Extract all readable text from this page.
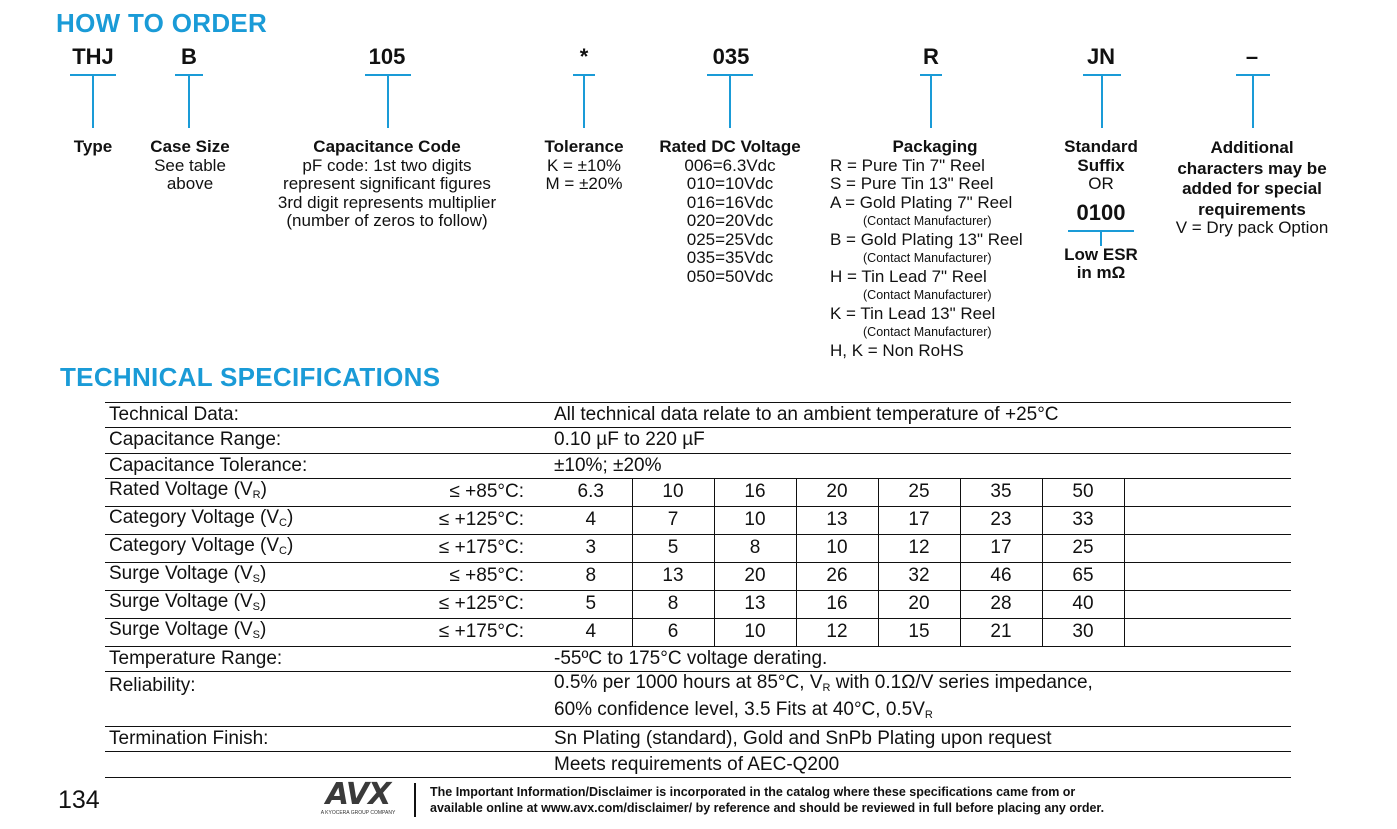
HOW TO ORDER
THJ	B	105	*	035	R	JN	–
Type	Case Size
See table
above
Capacitance Code
pF code: 1st two digits
represent significant figures
3rd digit represents multiplier
(number of zeros to follow)
Tolerance
K = ±10%
M = ±20%
Rated DC Voltage
006=6.3Vdc
010=10Vdc
016=16Vdc
020=20Vdc
025=25Vdc
035=35Vdc
050=50Vdc
Packaging
R = Pure Tin 7" Reel
S = Pure Tin 13" Reel
A = Gold Plating 7" Reel
(Contact Manufacturer)
B = Gold Plating 13" Reel
(Contact Manufacturer)
H = Tin Lead 7" Reel
(Contact Manufacturer)
K = Tin Lead 13" Reel
(Contact Manufacturer)
H, K = Non RoHS
Standard
Suffix
OR
0100
Low ESR
in mΩ
Additional
characters may be
added for special
requirements
V = Dry pack Option
TECHNICAL SPECIFICATIONS
Technical Data:		All technical data relate to an ambient temperature of +25°C							
Capacitance Range:		0.10 µF to 220 µF							
Capacitance Tolerance:		±10%; ±20%							
Rated Voltage $(V_R)$	≤ +85°C:	6.3	10	16	20	25	35	50	
Category Voltage $(V_C)$	≤ +125°C:	4	7	10	13	17	23	33	
Category Voltage $(V_C)$	≤ +175°C:	3	5	8	10	12	17	25	
Surge Voltage $(V_S)$	≤ +85°C:	8	13	20	26	32	46	65	
Surge Voltage $(V_S)$	≤ +125°C:	5	8	13	16	20	28	40	
Surge Voltage $(V_S)$	≤ +175°C:	4	6	10	12	15	21	30	
Temperature Range:		-55ºC to 175°C voltage derating.							
Reliability:		0.5% per 1000 hours at 85°C, $V_R$ with 0.1Ω/V series impedance,							
		60% confidence level, 3.5 Fits at 40°C, $0.5V_R$
Termination Finish:		Sn Plating (standard), Gold and SnPb Plating upon request							
		Meets requirements of AEC-Q200							
134	AVX
A KYOCERA GROUP COMPANY
The Important Information/Disclaimer is incorporated in the catalog where these specifications came from or
available online at www.avx.com/disclaimer/ by reference and should be reviewed in full before placing any order.
